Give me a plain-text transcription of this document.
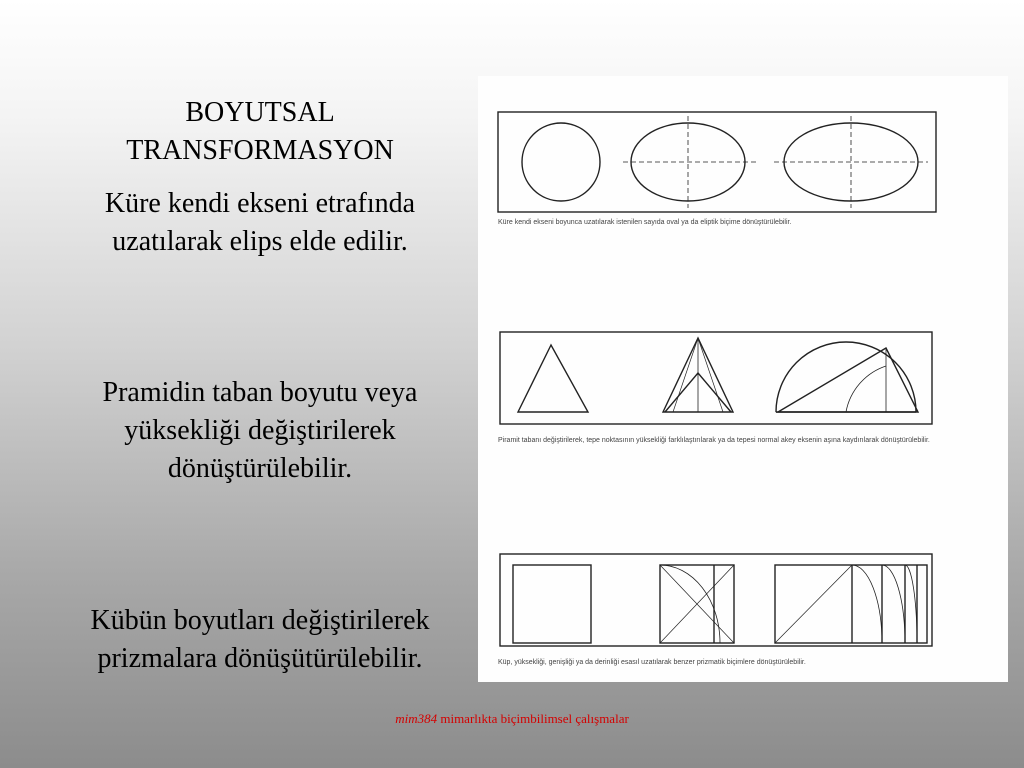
BOYUTSAL
TRANSFORMASYON
Küre kendi ekseni etrafında
uzatılarak elips elde edilir.
Pramidin taban boyutu veya
yüksekliği değiştirilerek
dönüştürülebilir.
Kübün boyutları değiştirilerek
prizmalara dönüşütürülebilir.
Küre kendi ekseni boyunca uzatılarak istenilen sayıda oval ya da eliptik biçime dönüştürülebilir.
Piramit tabanı değiştirilerek, tepe noktasının yüksekliği farklılaştırılarak ya da tepesi normal akey eksenin aşına kaydırılarak dönüştürülebilir.
Küp, yüksekliği, genişliği ya da derinliği esasıl uzatılarak benzer prizmatik biçimlere dönüştürülebilir.
mim384 mimarlıkta biçimbilimsel çalışmalar
